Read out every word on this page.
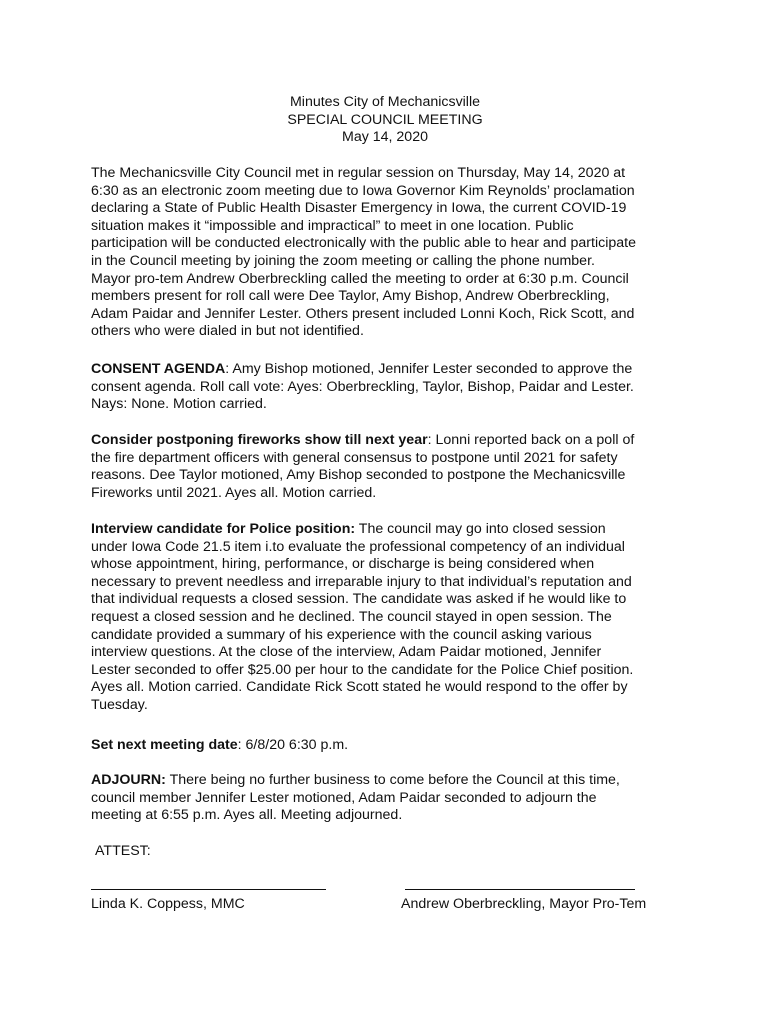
Minutes City of Mechanicsville
SPECIAL COUNCIL MEETING
May 14, 2020
The Mechanicsville City Council met in regular session on Thursday, May 14, 2020 at
6:30 as an electronic zoom meeting due to Iowa Governor Kim Reynolds’ proclamation
declaring a State of Public Health Disaster Emergency in Iowa, the current COVID-19
situation makes it “impossible and impractical” to meet in one location. Public
participation will be conducted electronically with the public able to hear and participate
in the Council meeting by joining the zoom meeting or calling the phone number.
Mayor pro-tem Andrew Oberbreckling called the meeting to order at 6:30 p.m. Council
members present for roll call were Dee Taylor, Amy Bishop, Andrew Oberbreckling,
Adam Paidar and Jennifer Lester. Others present included Lonni Koch, Rick Scott, and
others who were dialed in but not identified.
CONSENT AGENDA: Amy Bishop motioned, Jennifer Lester seconded to approve the
consent agenda. Roll call vote: Ayes: Oberbreckling, Taylor, Bishop, Paidar and Lester.
Nays: None. Motion carried.
Consider postponing fireworks show till next year: Lonni reported back on a poll of
the fire department officers with general consensus to postpone until 2021 for safety
reasons. Dee Taylor motioned, Amy Bishop seconded to postpone the Mechanicsville
Fireworks until 2021. Ayes all. Motion carried.
Interview candidate for Police position: The council may go into closed session
under Iowa Code 21.5 item i.to evaluate the professional competency of an individual
whose appointment, hiring, performance, or discharge is being considered when
necessary to prevent needless and irreparable injury to that individual’s reputation and
that individual requests a closed session. The candidate was asked if he would like to
request a closed session and he declined. The council stayed in open session. The
candidate provided a summary of his experience with the council asking various
interview questions. At the close of the interview, Adam Paidar motioned, Jennifer
Lester seconded to offer $25.00 per hour to the candidate for the Police Chief position.
Ayes all. Motion carried. Candidate Rick Scott stated he would respond to the offer by
Tuesday.
Set next meeting date: 6/8/20 6:30 p.m.
ADJOURN: There being no further business to come before the Council at this time,
council member Jennifer Lester motioned, Adam Paidar seconded to adjourn the
meeting at 6:55 p.m. Ayes all. Meeting adjourned.
ATTEST:
Linda K. Coppess, MMC	Andrew Oberbreckling, Mayor Pro-Tem
